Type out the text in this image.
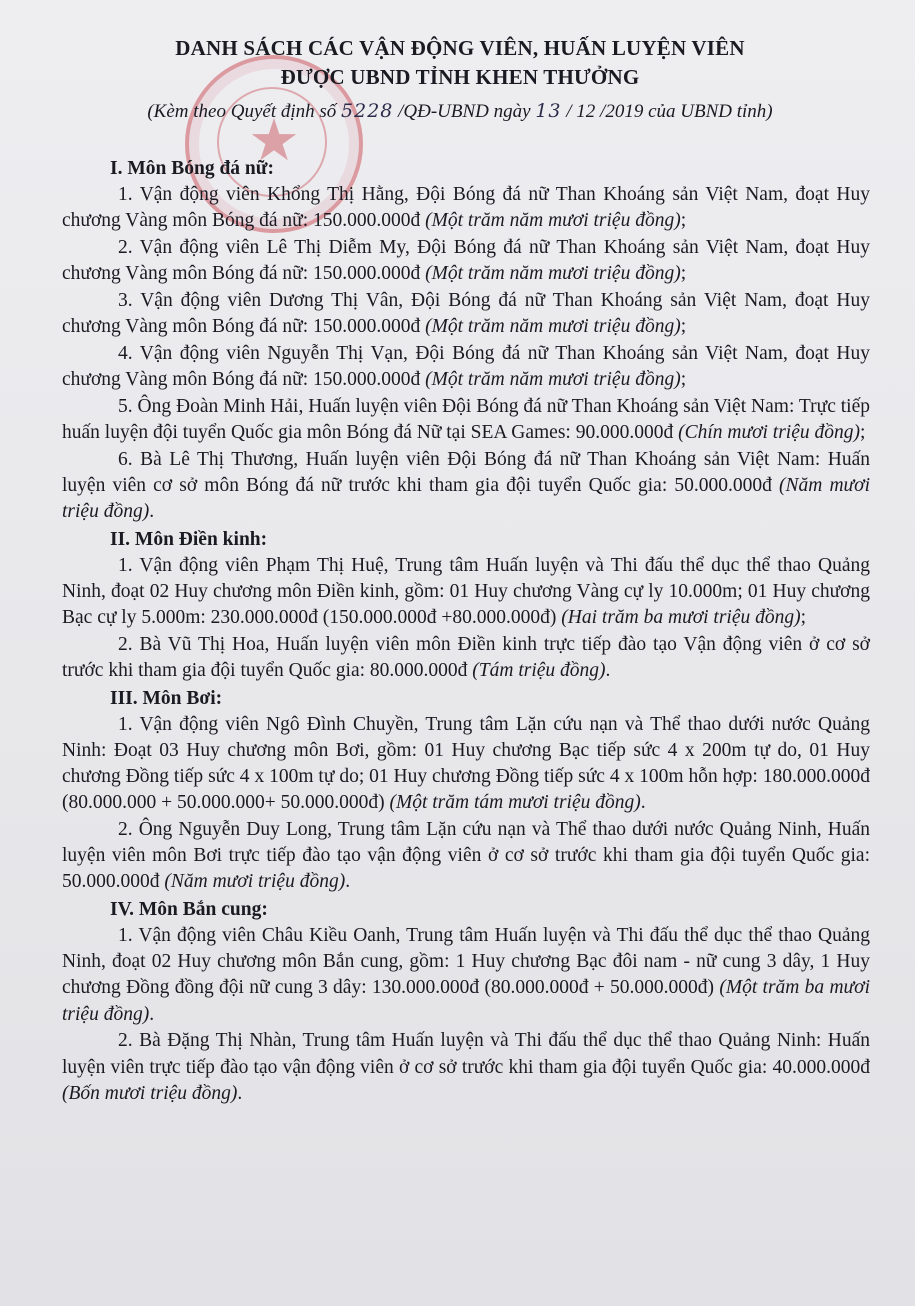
★
DANH SÁCH CÁC VẬN ĐỘNG VIÊN, HUẤN LUYỆN VIÊN
ĐƯỢC UBND TỈNH KHEN THƯỞNG
(Kèm theo Quyết định số 5228 /QĐ-UBND ngày 13 / 12 /2019 của UBND tỉnh)
I. Môn Bóng đá nữ:

1. Vận động viên Khổng Thị Hằng, Đội Bóng đá nữ Than Khoáng sản Việt Nam, đoạt Huy chương Vàng môn Bóng đá nữ: 150.000.000đ (Một trăm năm mươi triệu đồng);

2. Vận động viên Lê Thị Diễm My, Đội Bóng đá nữ Than Khoáng sản Việt Nam, đoạt Huy chương Vàng môn Bóng đá nữ: 150.000.000đ (Một trăm năm mươi triệu đồng);

3. Vận động viên Dương Thị Vân, Đội Bóng đá nữ Than Khoáng sản Việt Nam, đoạt Huy chương Vàng môn Bóng đá nữ: 150.000.000đ (Một trăm năm mươi triệu đồng);

4. Vận động viên Nguyễn Thị Vạn, Đội Bóng đá nữ Than Khoáng sản Việt Nam, đoạt Huy chương Vàng môn Bóng đá nữ: 150.000.000đ (Một trăm năm mươi triệu đồng);

5. Ông Đoàn Minh Hải, Huấn luyện viên Đội Bóng đá nữ Than Khoáng sản Việt Nam: Trực tiếp huấn luyện đội tuyển Quốc gia môn Bóng đá Nữ tại SEA Games: 90.000.000đ (Chín mươi triệu đồng);

6. Bà Lê Thị Thương, Huấn luyện viên Đội Bóng đá nữ Than Khoáng sản Việt Nam: Huấn luyện viên cơ sở môn Bóng đá nữ trước khi tham gia đội tuyển Quốc gia: 50.000.000đ (Năm mươi triệu đồng).

II. Môn Điền kinh:

1. Vận động viên Phạm Thị Huệ, Trung tâm Huấn luyện và Thi đấu thể dục thể thao Quảng Ninh, đoạt 02 Huy chương môn Điền kinh, gồm: 01 Huy chương Vàng cự ly 10.000m; 01 Huy chương Bạc cự ly 5.000m: 230.000.000đ (150.000.000đ +80.000.000đ) (Hai trăm ba mươi triệu đồng);

2. Bà Vũ Thị Hoa, Huấn luyện viên môn Điền kinh trực tiếp đào tạo Vận động viên ở cơ sở trước khi tham gia đội tuyển Quốc gia: 80.000.000đ (Tám triệu đồng).

III. Môn Bơi:

1. Vận động viên Ngô Đình Chuyền, Trung tâm Lặn cứu nạn và Thể thao dưới nước Quảng Ninh: Đoạt 03 Huy chương môn Bơi, gồm: 01 Huy chương Bạc tiếp sức 4 x 200m tự do, 01 Huy chương Đồng tiếp sức 4 x 100m tự do; 01 Huy chương Đồng tiếp sức 4 x 100m hỗn hợp: 180.000.000đ (80.000.000 + 50.000.000+ 50.000.000đ) (Một trăm tám mươi triệu đồng).

2. Ông Nguyễn Duy Long, Trung tâm Lặn cứu nạn và Thể thao dưới nước Quảng Ninh, Huấn luyện viên môn Bơi trực tiếp đào tạo vận động viên ở cơ sở trước khi tham gia đội tuyển Quốc gia: 50.000.000đ (Năm mươi triệu đồng).

IV. Môn Bắn cung:

1. Vận động viên Châu Kiều Oanh, Trung tâm Huấn luyện và Thi đấu thể dục thể thao Quảng Ninh, đoạt 02 Huy chương môn Bắn cung, gồm: 1 Huy chương Bạc đôi nam - nữ cung 3 dây, 1 Huy chương Đồng đồng đội nữ cung 3 dây: 130.000.000đ (80.000.000đ + 50.000.000đ) (Một trăm ba mươi triệu đồng).

2. Bà Đặng Thị Nhàn, Trung tâm Huấn luyện và Thi đấu thể dục thể thao Quảng Ninh: Huấn luyện viên trực tiếp đào tạo vận động viên ở cơ sở trước khi tham gia đội tuyển Quốc gia: 40.000.000đ (Bốn mươi triệu đồng).
